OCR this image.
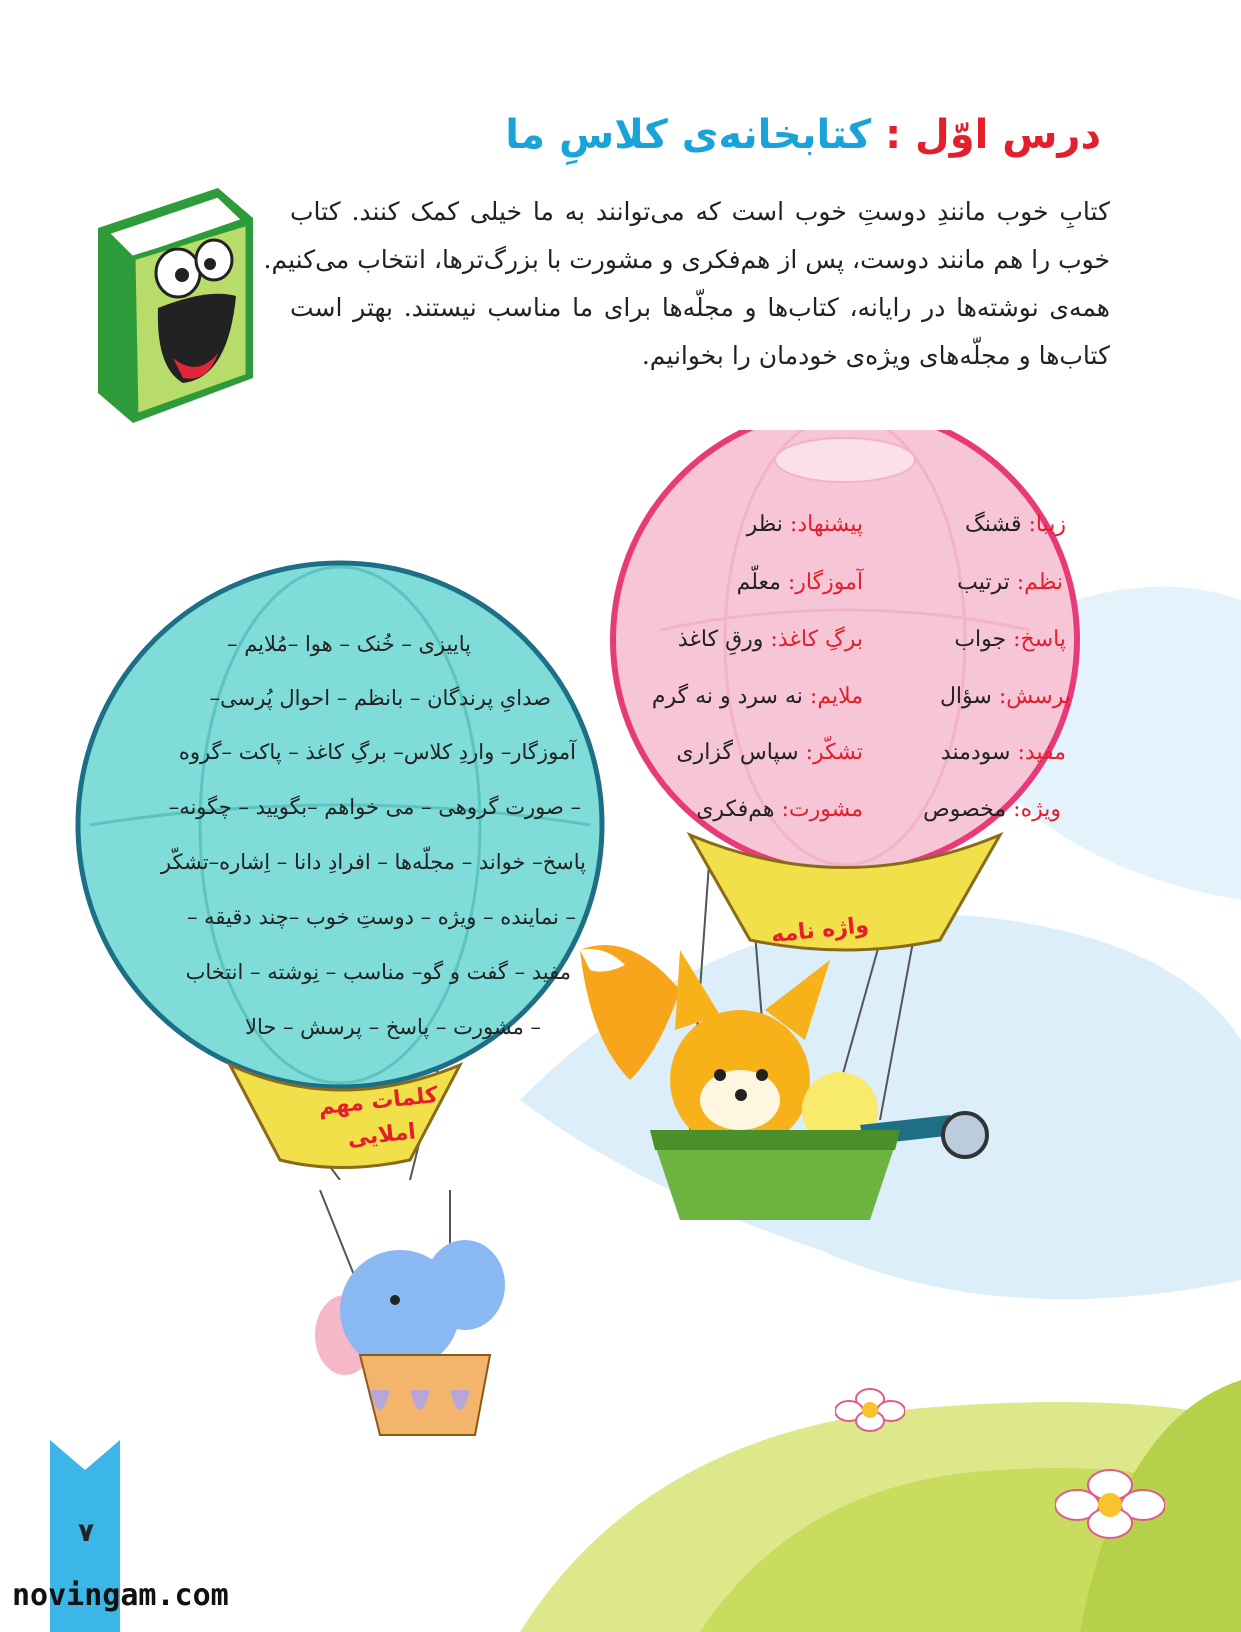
درس اوّل : کتابخانه‌ی کلاسِ ما
کتابِ خوب مانندِ دوستِ خوب است که می‌توانند به ما خیلی کمک کنند. کتاب
خوب را هم مانند دوست، پس از هم‌فکری و مشورت با بزرگ‌ترها، انتخاب می‌کنیم.
همه‌ی نوشته‌ها در رایانه، کتاب‌ها و مجلّه‌ها برای ما مناسب نیستند. بهتر است
کتاب‌ها و مجلّه‌های ویژه‌ی خودمان را بخوانیم.
پاییزی – خُنک – هوا –مُلایم –
صدایِ پرندگان – بانظم – احوال پُرسی–
آموزگار– واردِ کلاس– برگِ کاغذ – پاکت –گروه
– صورت گروهی – می خواهم –بگویید – چگونه–
پاسخ– خواند – مجلّه‌ها – افرادِ دانا – اِشاره–تشکّر
– نماینده – ویژه – دوستِ خوب –چند دقیقه –
مفید – گفت و گو– مناسب – نِوشته – انتخاب
– مشورت – پاسخ – پرسش – حالا
کلمات مهم
املایی
زیبا: قشنگ
نظم: ترتیب
پاسخ: جواب
پرسش: سؤال
مفید: سودمند
ویژه: مخصوص
پیشنهاد: نظر
آموزگار: معلّم
برگِ کاغذ: ورقِ کاغذ
ملایم: نه سرد و نه گرم
تشکّر: سپاس گزاری
مشورت: هم‌فکری
واژه نامه
۷
novingam.com
